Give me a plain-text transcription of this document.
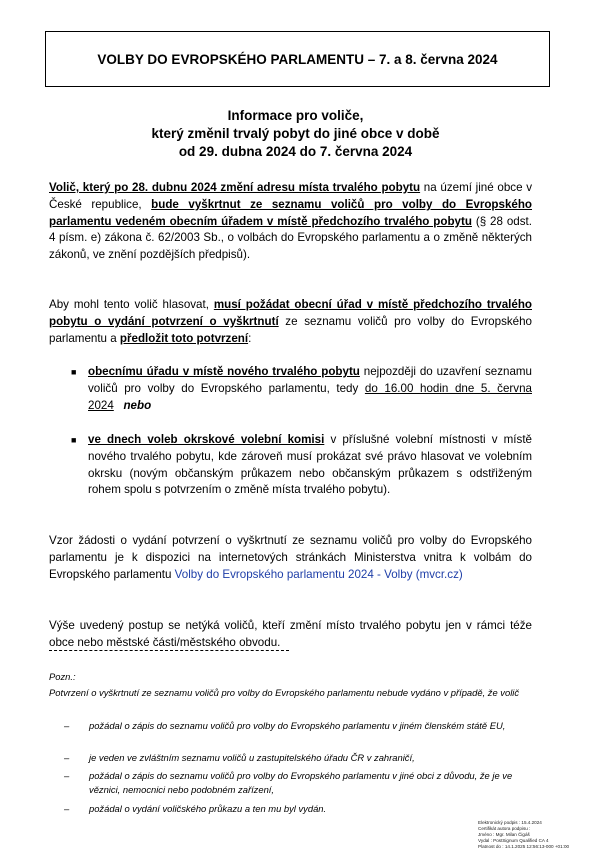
VOLBY DO EVROPSKÉHO PARLAMENTU – 7. a 8. června 2024
Informace pro voliče,
který změnil trvalý pobyt do jiné obce v době
od 29. dubna 2024 do 7. června 2024
Volič, který po 28. dubnu 2024 změní adresu místa trvalého pobytu na území jiné obce v České republice, bude vyškrtnut ze seznamu voličů pro volby do Evropského parlamentu vedeném obecním úřadem v místě předchozího trvalého pobytu (§ 28 odst. 4 písm. e) zákona č. 62/2003 Sb., o volbách do Evropského parlamentu a o změně některých zákonů, ve znění pozdějších předpisů).
Aby mohl tento volič hlasovat, musí požádat obecní úřad v místě předchozího trvalého pobytu o vydání potvrzení o vyškrtnutí ze seznamu voličů pro volby do Evropského parlamentu a předložit toto potvrzení:
■ obecnímu úřadu v místě nového trvalého pobytu nejpozději do uzavření seznamu voličů pro volby do Evropského parlamentu, tedy do 16.00 hodin dne 5. června 2024 nebo
■ ve dnech voleb okrskové volební komisi v příslušné volební místnosti v místě nového trvalého pobytu, kde zároveň musí prokázat své právo hlasovat ve volebním okrsku (novým občanským průkazem nebo občanským průkazem s odstřiženým rohem spolu s potvrzením o změně místa trvalého pobytu).
Vzor žádosti o vydání potvrzení o vyškrtnutí ze seznamu voličů pro volby do Evropského parlamentu je k dispozici na internetových stránkách Ministerstva vnitra k volbám do Evropského parlamentu Volby do Evropského parlamentu 2024 - Volby (mvcr.cz)
Výše uvedený postup se netýká voličů, kteří změní místo trvalého pobytu jen v rámci téže obce nebo městské části/městského obvodu.
Pozn.:
Potvrzení o vyškrtnutí ze seznamu voličů pro volby do Evropského parlamentu nebude vydáno v případě, že volič
– požádal o zápis do seznamu voličů pro volby do Evropského parlamentu v jiném členském státě EU,
– je veden ve zvláštním seznamu voličů u zastupitelského úřadu ČR v zahraničí,
– požádal o zápis do seznamu voličů pro volby do Evropského parlamentu v jiné obci z důvodu, že je ve věznici, nemocnici nebo podobném zařízení,
– požádal o vydání voličského průkazu a ten mu byl vydán.
Elektronický podpis : 15.4.2024
Certifikát autora podpisu :
Jméno : Mgr. Milan Čigáš
Vydal : PostSignum Qualified CA 4
Platnost do : 14.1.2025 12:56:13-000 +01:00
